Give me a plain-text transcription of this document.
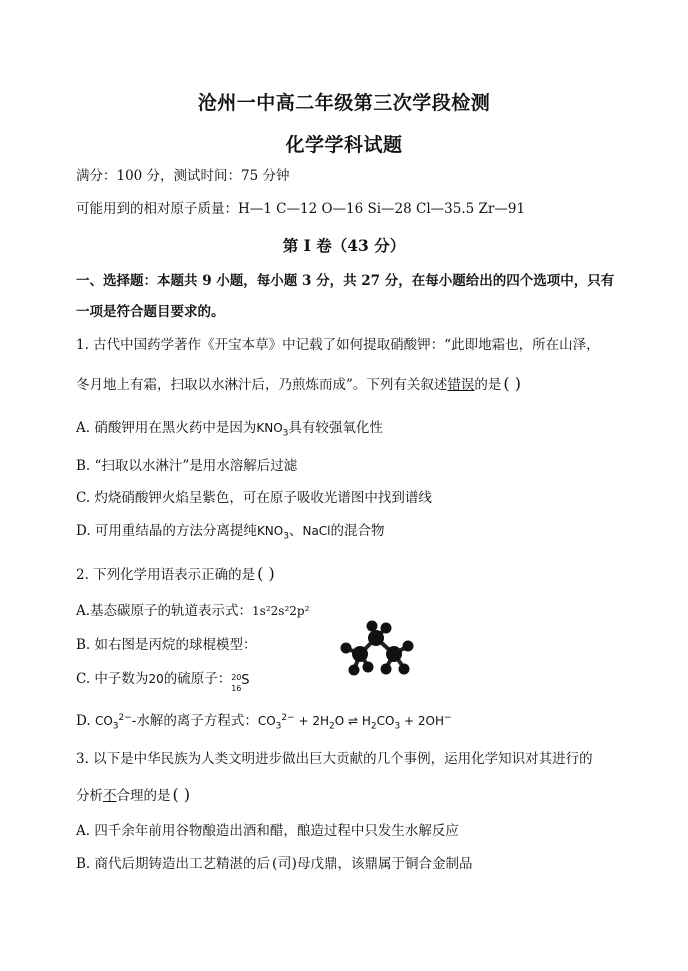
沧州一中高二年级第三次学段检测
化学学科试题
满分：100 分，测试时间：75 分钟
可能用到的相对原子质量：H—1 C—12 O—16 Si—28 Cl—35.5 Zr—91
第 I 卷（43 分）
一、选择题：本题共 9 小题，每小题 3 分，共 27 分，在每小题给出的四个选项中，只有
一项是符合题目要求的。
1. 古代中国药学著作《开宝本草》中记载了如何提取硝酸钾：“此即地霜也，所在山泽，
冬月地上有霜，扫取以水淋汁后，乃煎炼而成”。下列有关叙述错误的是 ( )
A. 硝酸钾用在黑火药中是因为$KNO_3$具有较强氧化性
B. “扫取以水淋汁”是用水溶解后过滤
C. 灼烧硝酸钾火焰呈紫色，可在原子吸收光谱图中找到谱线
D. 可用重结晶的方法分离提纯$KNO_3$、NaCl的混合物
2. 下列化学用语表示正确的是 ( )
A.基态碳原子的轨道表示式：1s²2s²2p²
B. 如右图是丙烷的球棍模型：
C. 中子数为20的硫原子： 20
16
S
D. $CO_3^{2-}-$水解的离子方程式：$CO_3^{2-} + 2H_2O$ ⇌ $H_2CO_3 + 2OH^-$
3. 以下是中华民族为人类文明进步做出巨大贡献的几个事例，运用化学知识对其进行的
分析不合理的是 ( )
A. 四千余年前用谷物酿造出酒和醋，酿造过程中只发生水解反应
B. 商代后期铸造出工艺精湛的后 (司)母戊鼎，该鼎属于铜合金制品
